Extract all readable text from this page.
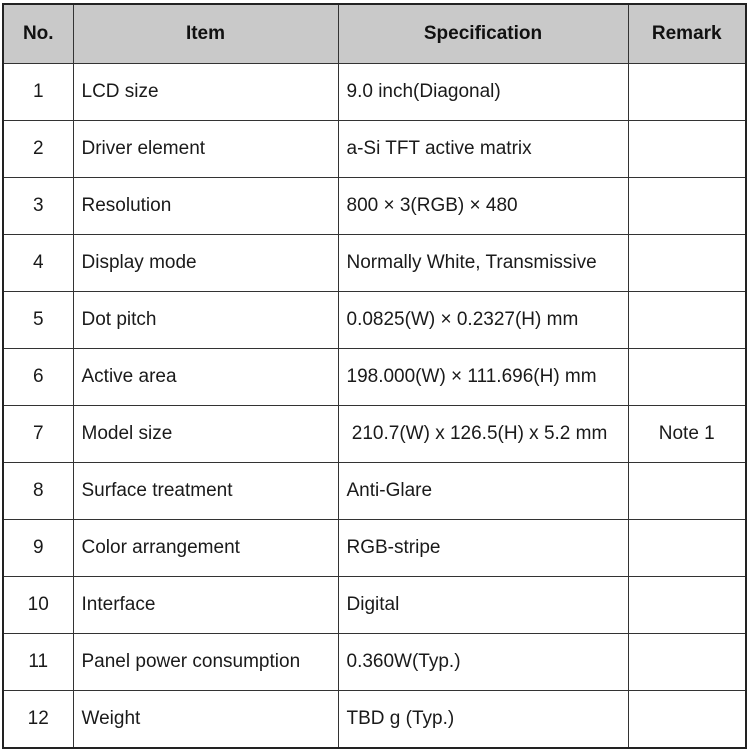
No.	Item	Specification	Remark
1	LCD size	9.0 inch(Diagonal)	
2	Driver element	a-Si TFT active matrix	
3	Resolution	800 × 3(RGB) × 480	
4	Display mode	Normally White, Transmissive	
5	Dot pitch	0.0825(W) × 0.2327(H) mm	
6	Active area	198.000(W) × 111.696(H) mm	
7	Model size	210.7(W) x 126.5(H) x 5.2 mm	Note 1
8	Surface treatment	Anti-Glare	
9	Color arrangement	RGB-stripe	
10	Interface	Digital	
11	Panel power consumption	0.360W(Typ.)	
12	Weight	TBD g (Typ.)	
